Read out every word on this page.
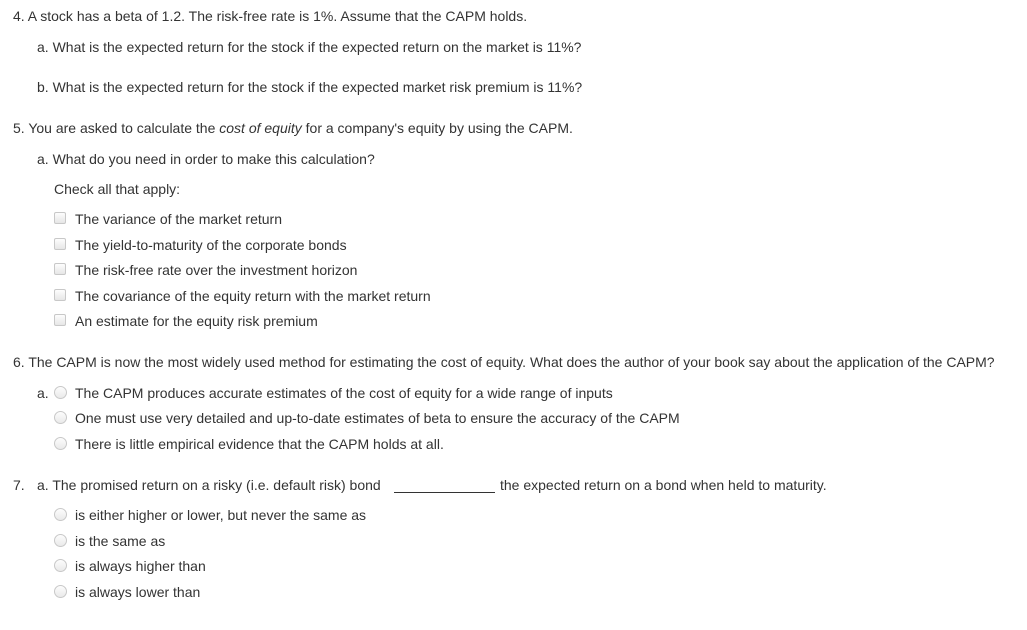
4. A stock has a beta of 1.2. The risk-free rate is 1%. Assume that the CAPM holds.
a. What is the expected return for the stock if the expected return on the market is 11%?
b. What is the expected return for the stock if the expected market risk premium is 11%?
5. You are asked to calculate the cost of equity for a company's equity by using the CAPM.
a. What do you need in order to make this calculation?
Check all that apply:
The variance of the market return
The yield-to-maturity of the corporate bonds
The risk-free rate over the investment horizon
The covariance of the equity return with the market return
An estimate for the equity risk premium
6. The CAPM is now the most widely used method for estimating the cost of equity. What does the author of your book say about the application of the CAPM?
a. The CAPM produces accurate estimates of the cost of equity for a wide range of inputs
One must use very detailed and up-to-date estimates of beta to ensure the accuracy of the CAPM
There is little empirical evidence that the CAPM holds at all.
7. a. The promised return on a risky (i.e. default risk) bond	the expected return on a bond when held to maturity.
is either higher or lower, but never the same as
is the same as
is always higher than
is always lower than
